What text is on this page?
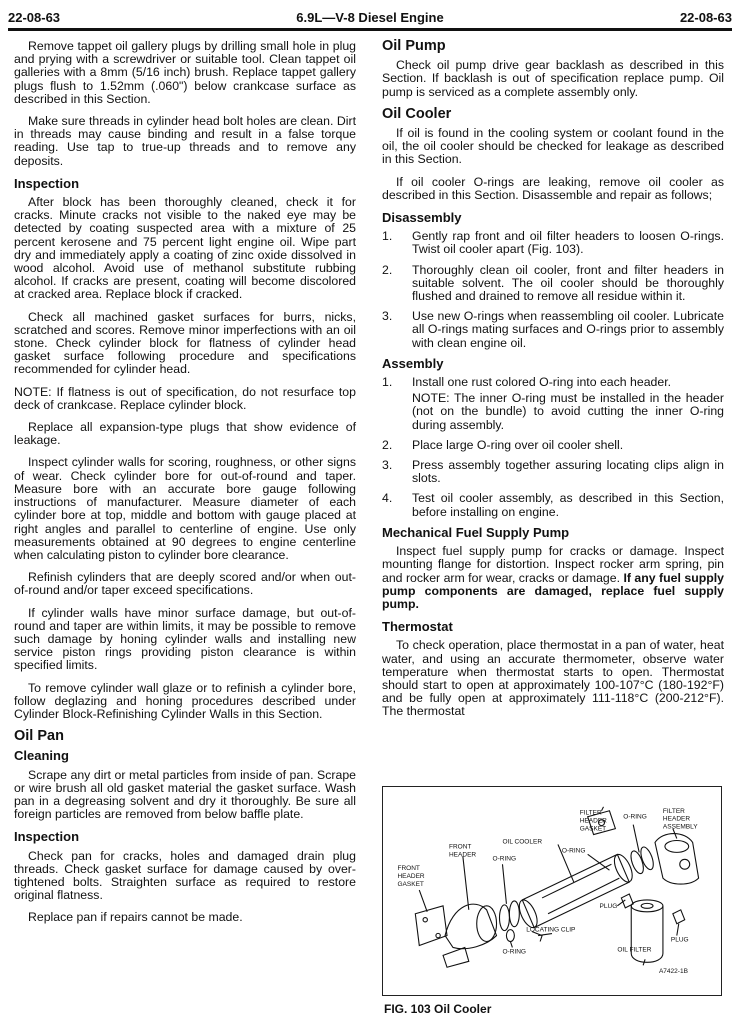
22-08-63	6.9L—V-8 Diesel Engine	22-08-63

Remove tappet oil gallery plugs by drilling small hole in plug and prying with a screwdriver or suitable tool. Clean tappet oil galleries with a 8mm (5/16 inch) brush. Replace tappet gallery plugs flush to 1.52mm (.060") below crankcase surface as described in this Section.

Make sure threads in cylinder head bolt holes are clean. Dirt in threads may cause binding and result in a false torque reading. Use tap to true-up threads and to remove any deposits.

Inspection

After block has been thoroughly cleaned, check it for cracks. Minute cracks not visible to the naked eye may be detected by coating suspected area with a mixture of 25 percent kerosene and 75 percent light engine oil. Wipe part dry and immediately apply a coating of zinc oxide dissolved in wood alcohol. Avoid use of methanol substitute rubbing alcohol. If cracks are present, coating will become discolored at cracked area. Replace block if cracked.

Check all machined gasket surfaces for burrs, nicks, scratched and scores. Remove minor imperfections with an oil stone. Check cylinder block for flatness of cylinder head gasket surface following procedure and specifications recommended for cylinder head.

NOTE: If flatness is out of specification, do not resurface top deck of crankcase. Replace cylinder block.

Replace all expansion-type plugs that show evidence of leakage.

Inspect cylinder walls for scoring, roughness, or other signs of wear. Check cylinder bore for out-of-round and taper. Measure bore with an accurate bore gauge following instructions of manufacturer. Measure diameter of each cylinder bore at top, middle and bottom with gauge placed at right angles and parallel to centerline of engine. Use only measurements obtained at 90 degrees to engine centerline when calculating piston to cylinder bore clearance.

Refinish cylinders that are deeply scored and/or when out-of-round and/or taper exceed specifications.

If cylinder walls have minor surface damage, but out-of-round and taper are within limits, it may be possible to remove such damage by honing cylinder walls and installing new service piston rings providing piston clearance is within specified limits.

To remove cylinder wall glaze or to refinish a cylinder bore, follow deglazing and honing procedures described under Cylinder Block-Refinishing Cylinder Walls in this Section.

Oil Pan
Cleaning

Scrape any dirt or metal particles from inside of pan. Scrape or wire brush all old gasket material the gasket surface. Wash pan in a degreasing solvent and dry it thoroughly. Be sure all foreign particles are removed from below baffle plate.

Inspection

Check pan for cracks, holes and damaged drain plug threads. Check gasket surface for damage caused by over-tightened bolts. Straighten surface as required to restore original flatness.

Replace pan if repairs cannot be made.

Oil Pump

Check oil pump drive gear backlash as described in this Section. If backlash is out of specification replace pump. Oil pump is serviced as a complete assembly only.

Oil Cooler

If oil is found in the cooling system or coolant found in the oil, the oil cooler should be checked for leakage as described in this Section.

If oil cooler O-rings are leaking, remove oil cooler as described in this Section. Disassemble and repair as follows;

Disassembly
1.	Gently rap front and oil filter headers to loosen O-rings. Twist oil cooler apart (Fig. 103).
2.	Thoroughly clean oil cooler, front and filter headers in suitable solvent. The oil cooler should be thoroughly flushed and drained to remove all residue within it.
3.	Use new O-rings when reassembling oil cooler. Lubricate all O-rings mating surfaces and O-rings prior to assembly with clean engine oil.
Assembly
1.	Install one rust colored O-ring into each header.
NOTE: The inner O-ring must be installed in the header (not on the bundle) to avoid cutting the inner O-ring during assembly.
2.	Place large O-ring over oil cooler shell.
3.	Press assembly together assuring locating clips align in slots.
4.	Test oil cooler assembly, as described in this Section, before installing on engine.
Mechanical Fuel Supply Pump

Inspect fuel supply pump for cracks or damage. Inspect mounting flange for distortion. Inspect rocker arm spring, pin and rocker arm for wear, cracks or damage. If any fuel supply pump components are damaged, replace fuel supply pump.

Thermostat

To check operation, place thermostat in a pan of water, heat water, and using an accurate thermometer, observe water temperature when thermostat starts to open. Thermostat should start to open at approximately 100-107°C (180-192°F) and be fully open at approximately 111-118°C (200-212°F). The thermostat

FILTER
HEADER
GASKET
O-RING
FILTER
HEADER
ASSEMBLY
OIL COOLER
O-RING
FRONT
HEADER
O-RING
FRONT
HEADER
GASKET
PLUG
LOCATING CLIP
O-RING
PLUG
OIL FILTER
A7422-1B
FIG. 103 Oil Cooler
